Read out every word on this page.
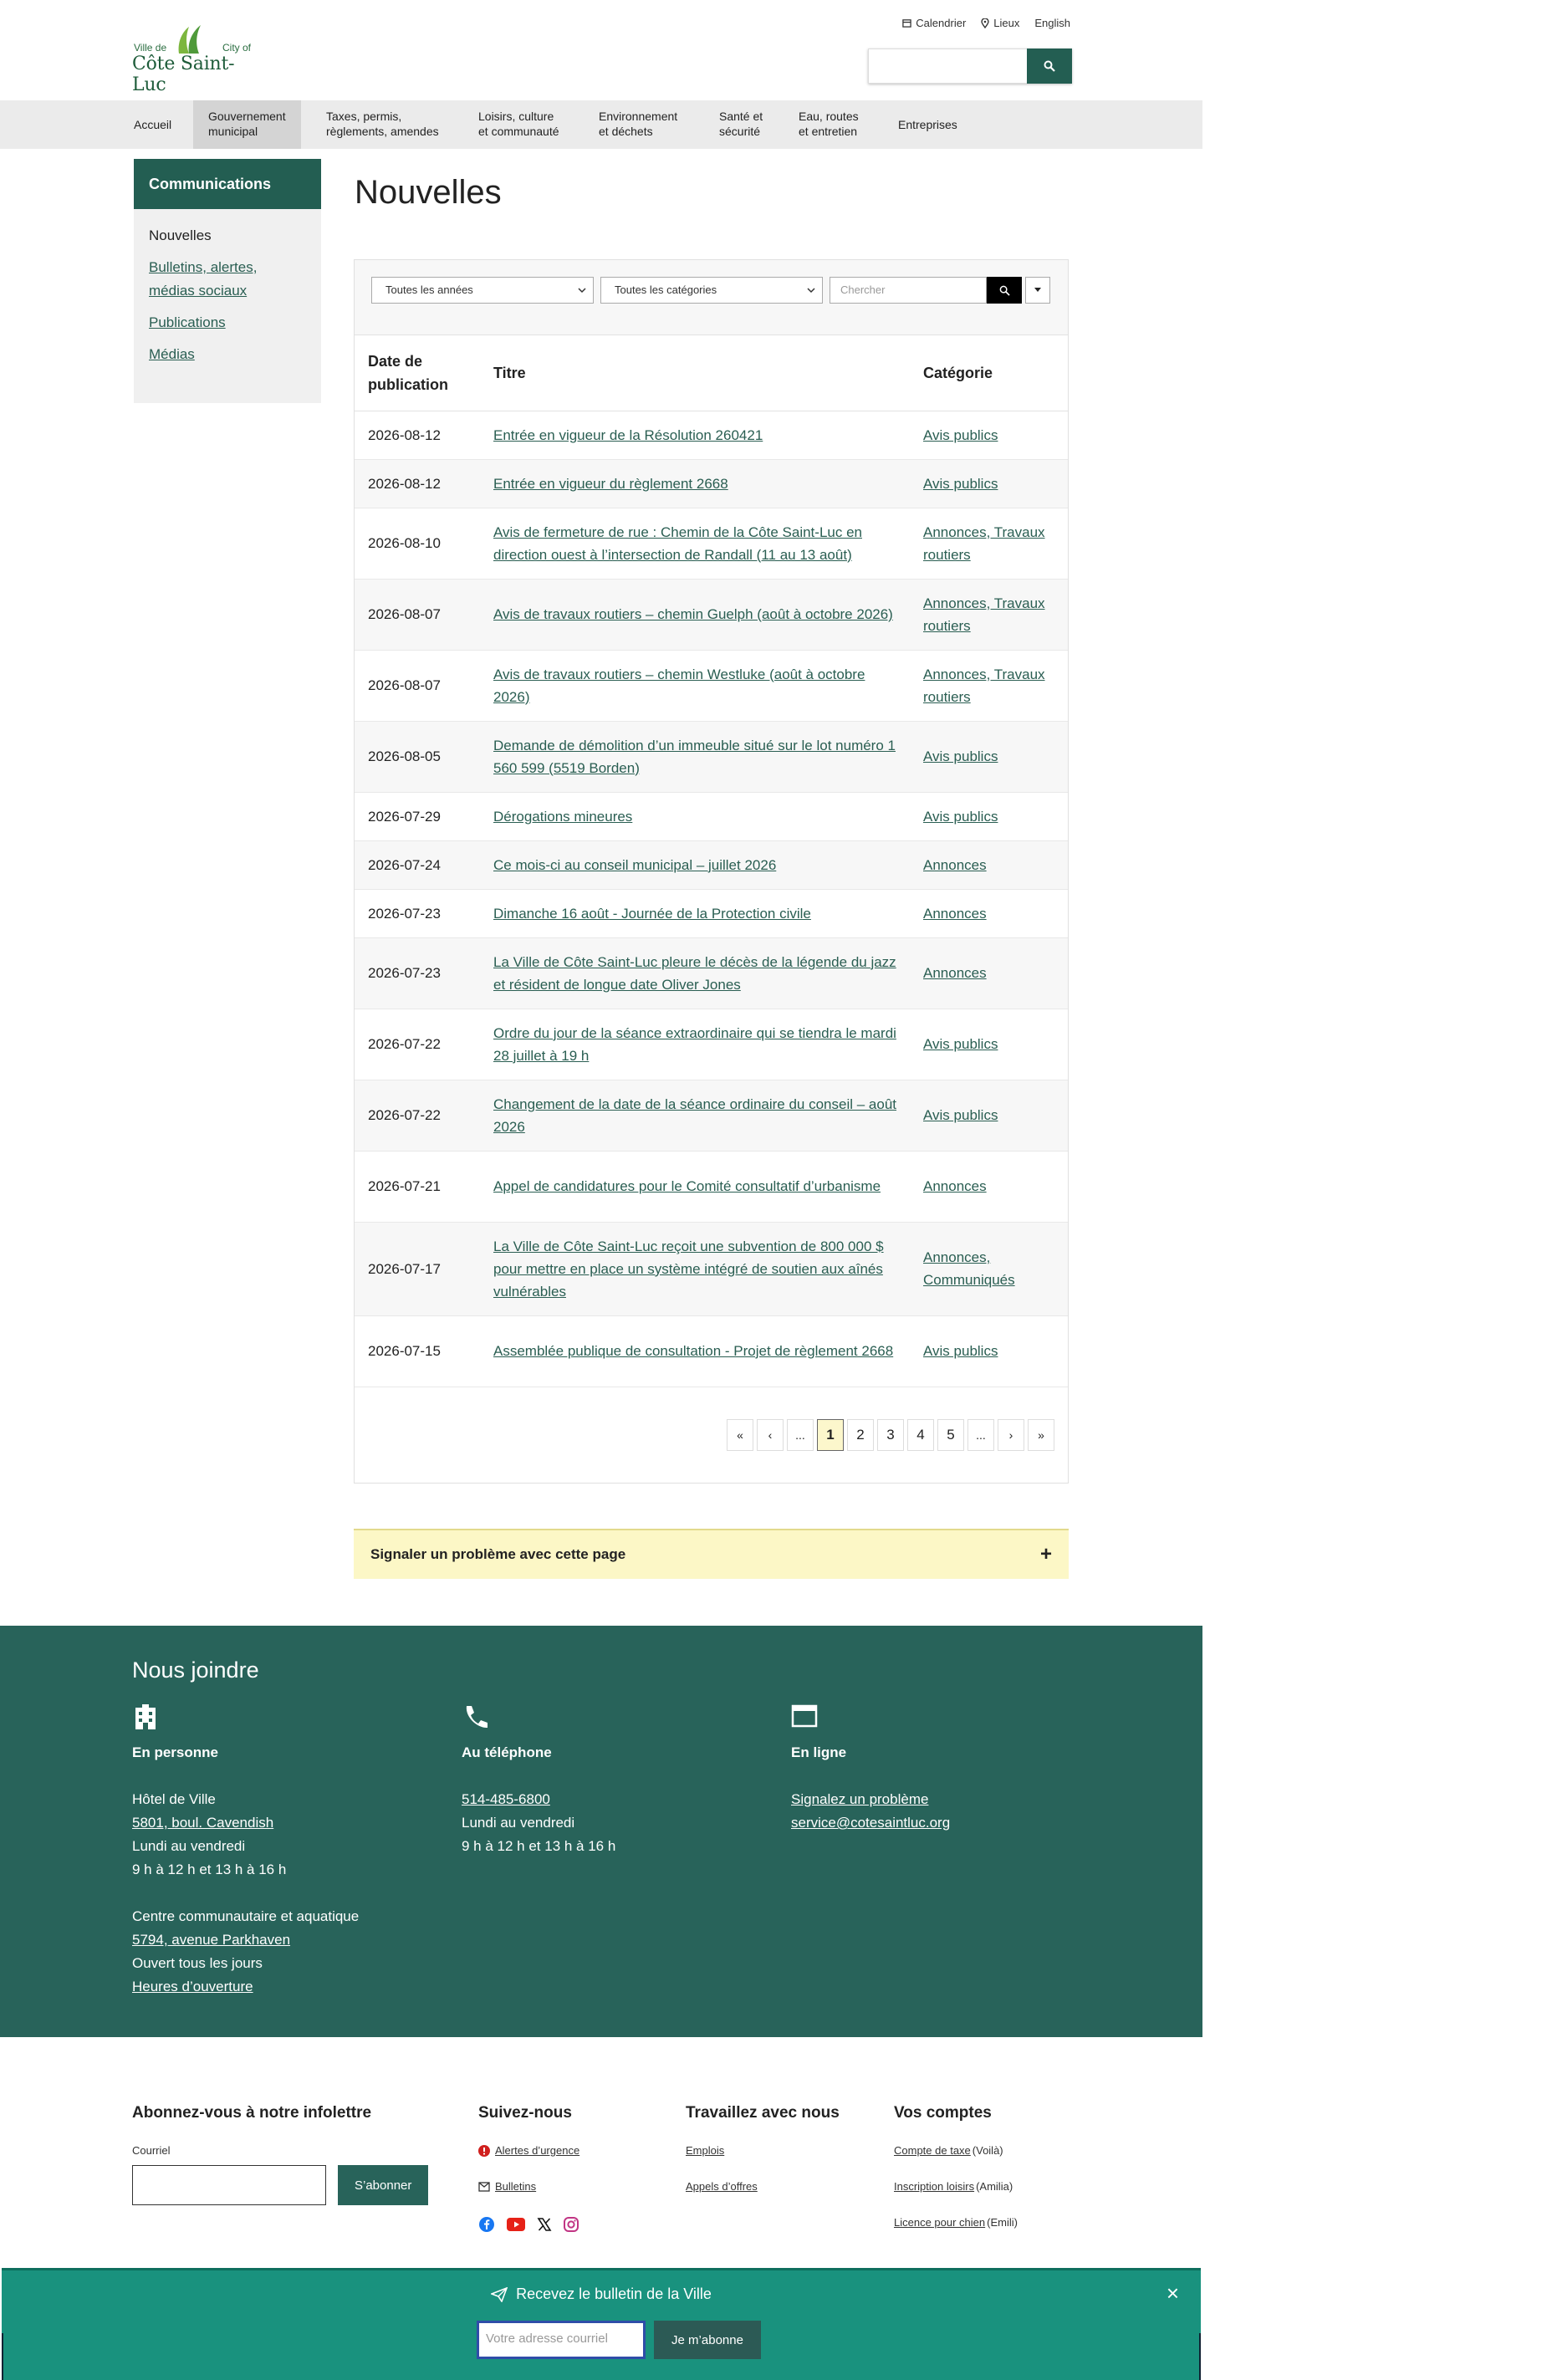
Ville de	City of
Côte Saint-Luc
Calendrier	Lieux English
Accueil
Gouvernement
municipal
Taxes, permis,
règlements, amendes
Loisirs, culture
et communauté
Environnement
et déchets
Santé et
sécurité
Eau, routes
et entretien	Entreprises
Communications
Nouvelles
Bulletins, alertes, médias sociaux
Publications
Médias
Nouvelles
Toutes les années	Toutes les catégories	Chercher
Date de publication	Titre	Catégorie
2026-08-12	Entrée en vigueur de la Résolution 260421	Avis publics
2026-08-12	Entrée en vigueur du règlement 2668	Avis publics
2026-08-10	Avis de fermeture de rue : Chemin de la Côte Saint-Luc en direction ouest à l’intersection de Randall (11 au 13 août)	Annonces, Travaux routiers
2026-08-07	Avis de travaux routiers – chemin Guelph (août à octobre 2026)	Annonces, Travaux routiers
2026-08-07	Avis de travaux routiers – chemin Westluke (août à octobre 2026)	Annonces, Travaux routiers
2026-08-05	Demande de démolition d’un immeuble situé sur le lot numéro 1 560 599 (5519 Borden)	Avis publics
2026-07-29	Dérogations mineures	Avis publics
2026-07-24	Ce mois-ci au conseil municipal – juillet 2026	Annonces
2026-07-23	Dimanche 16 août - Journée de la Protection civile	Annonces
2026-07-23	La Ville de Côte Saint-Luc pleure le décès de la légende du jazz et résident de longue date Oliver Jones	Annonces
2026-07-22	Ordre du jour de la séance extraordinaire qui se tiendra le mardi 28 juillet à 19 h	Avis publics
2026-07-22	Changement de la date de la séance ordinaire du conseil – août 2026	Avis publics
2026-07-21	Appel de candidatures pour le Comité consultatif d’urbanisme	Annonces
2026-07-17	La Ville de Côte Saint-Luc reçoit une subvention de 800 000 $ pour mettre en place un système intégré de soutien aux aînés vulnérables	Annonces, Communiqués
2026-07-15	Assemblée publique de consultation - Projet de règlement 2668	Avis publics
«	‹	...	1	2	3	4	5	...	›	»
Signaler un problème avec cette page	+
Nous joindre
En personne
Hôtel de Ville
5801, boul. Cavendish
Lundi au vendredi
9 h à 12 h et 13 h à 16 h
Centre communautaire et aquatique
5794, avenue Parkhaven
Ouvert tous les jours
Heures d’ouverture
Au téléphone
514-485-6800
Lundi au vendredi
9 h à 12 h et 13 h à 16 h
En ligne
Signalez un problème
service@cotesaintluc.org
Abonnez-vous à notre infolettre
Courriel
S’abonner
Suivez-nous
Alertes d’urgence
Bulletins
Travaillez avec nous
Emplois
Appels d’offres
Vos comptes
Compte de taxe (Voilà)
Inscription loisirs (Amilia)
Licence pour chien (Emili)
Recevez le bulletin de la Ville	×
Votre adresse courriel	Je m’abonne
